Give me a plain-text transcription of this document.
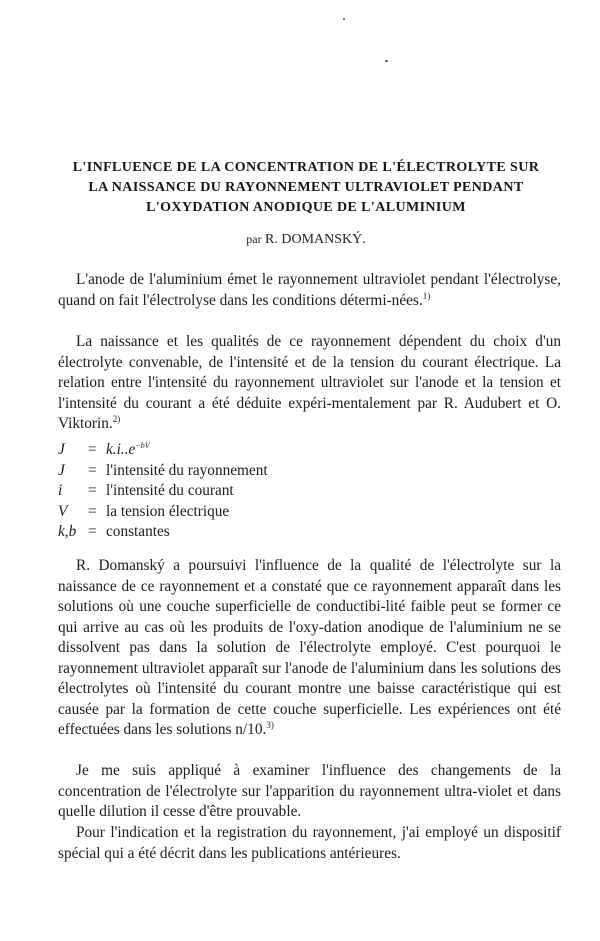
L'INFLUENCE DE LA CONCENTRATION DE L'ÉLECTROLYTE SUR
LA NAISSANCE DU RAYONNEMENT ULTRAVIOLET PENDANT
L'OXYDATION ANODIQUE DE L'ALUMINIUM
par R. DOMANSKÝ.

L'anode de l'aluminium émet le rayonnement ultraviolet pendant l'électrolyse, quand on fait l'électrolyse dans les conditions détermi-nées.$^{1)}$

La naissance et les qualités de ce rayonnement dépendent du choix d'un électrolyte convenable, de l'intensité et de la tension du courant électrique. La relation entre l'intensité du rayonnement ultraviolet sur l'anode et la tension et l'intensité du courant a été déduite expéri-mentalement par R. Audubert et O. Viktorin.$^{2)}$

$J = k.i..e^{-bV}$
J = l'intensité du rayonnement
i = l'intensité du courant
V = la tension électrique
k,b = constantes

R. Domanský a poursuivi l'influence de la qualité de l'électrolyte sur la naissance de ce rayonnement et a constaté que ce rayonnement apparaît dans les solutions où une couche superficielle de conductibi-lité faible peut se former ce qui arrive au cas où les produits de l'oxy-dation anodique de l'aluminium ne se dissolvent pas dans la solution de l'électrolyte employé. C'est pourquoi le rayonnement ultraviolet apparaît sur l'anode de l'aluminium dans les solutions des électrolytes où l'intensité du courant montre une baisse caractéristique qui est causée par la formation de cette couche superficielle. Les expériences ont été effectuées dans les solutions n/10.$^{3)}$

Je me suis appliqué à examiner l'influence des changements de la concentration de l'électrolyte sur l'apparition du rayonnement ultra-violet et dans quelle dilution il cesse d'être prouvable.

Pour l'indication et la registration du rayonnement, j'ai employé un dispositif spécial qui a été décrit dans les publications antérieures.
